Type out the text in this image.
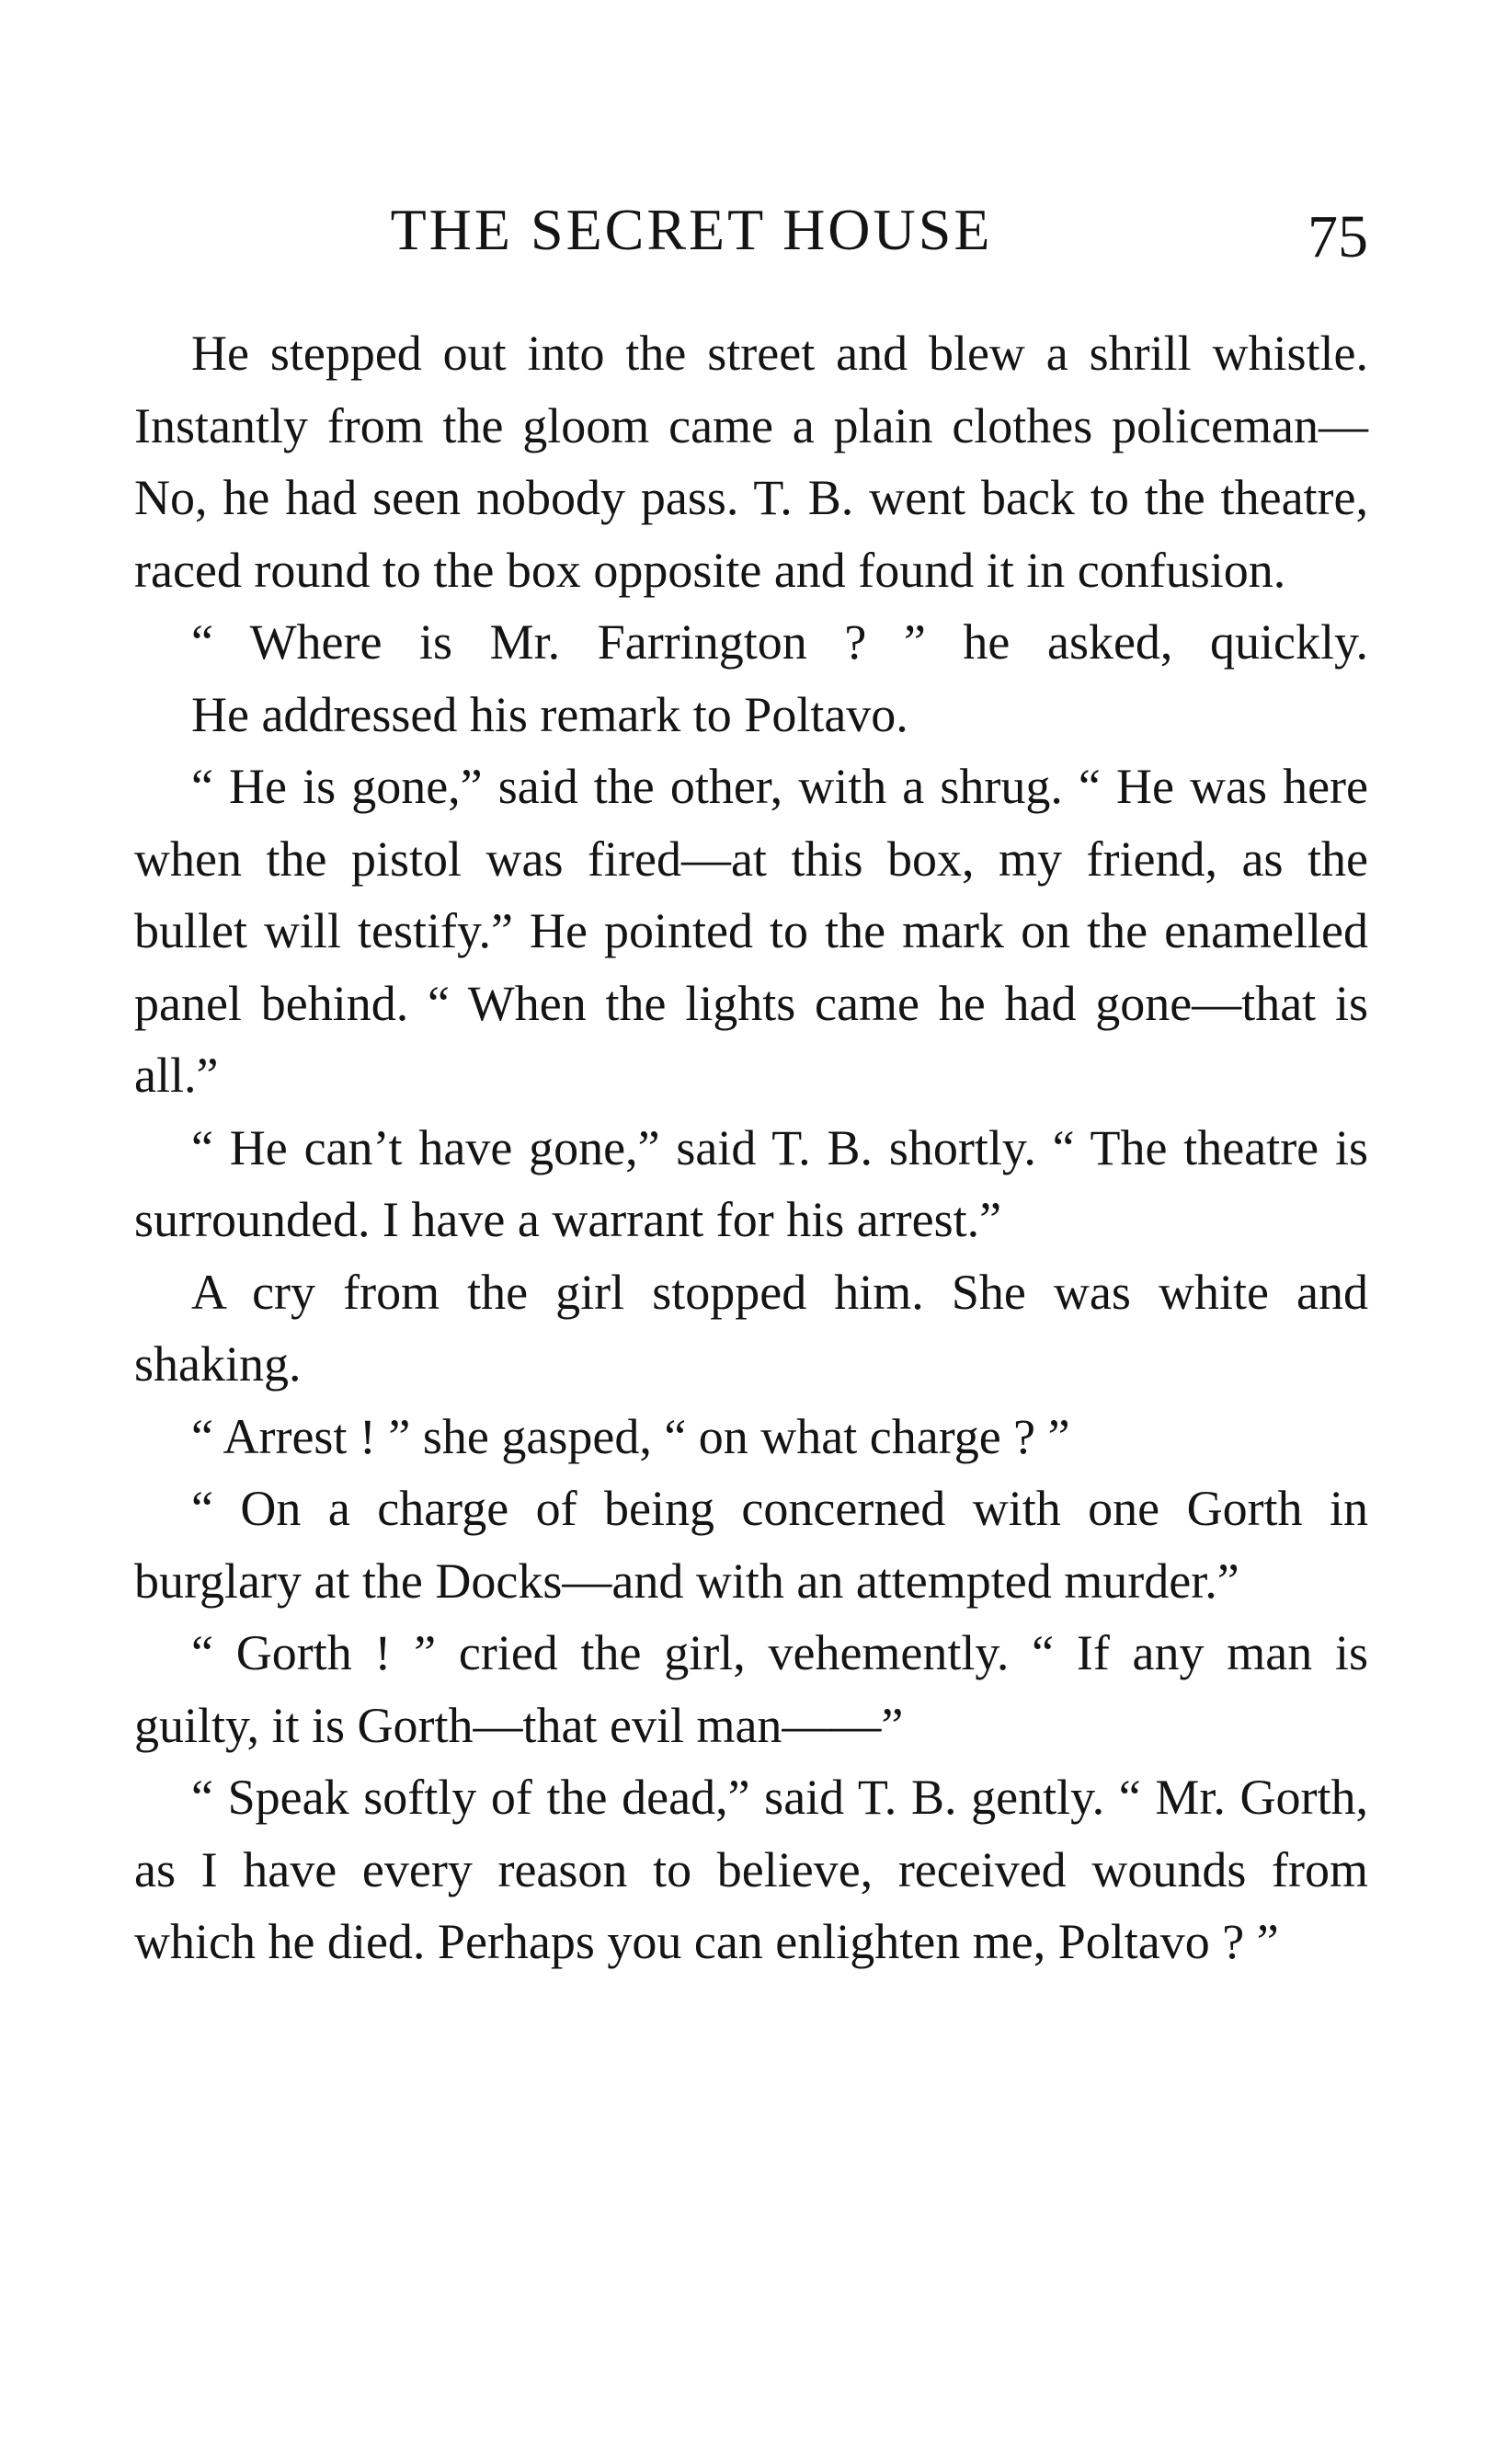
THE SECRET HOUSE	75

He stepped out into the street and blew a shrill whistle. Instantly from the gloom came a plain clothes policeman—No, he had seen nobody pass. T. B. went back to the theatre, raced round to the box opposite and found it in confusion.

“ Where is Mr. Farrington ? ” he asked, quickly.

He addressed his remark to Poltavo.

“ He is gone,” said the other, with a shrug. “ He was here when the pistol was fired—at this box, my friend, as the bullet will testify.” He pointed to the mark on the enamelled panel behind. “ When the lights came he had gone—that is all.”

“ He can’t have gone,” said T. B. shortly. “ The theatre is surrounded. I have a warrant for his arrest.”

A cry from the girl stopped him. She was white and shaking.

“ Arrest ! ” she gasped, “ on what charge ? ”

“ On a charge of being concerned with one Gorth in burglary at the Docks—and with an attempted murder.”

“ Gorth ! ” cried the girl, vehemently. “ If any man is guilty, it is Gorth—that evil man——”

“ Speak softly of the dead,” said T. B. gently. “ Mr. Gorth, as I have every reason to believe, received wounds from which he died. Perhaps you can enlighten me, Poltavo ? ”
